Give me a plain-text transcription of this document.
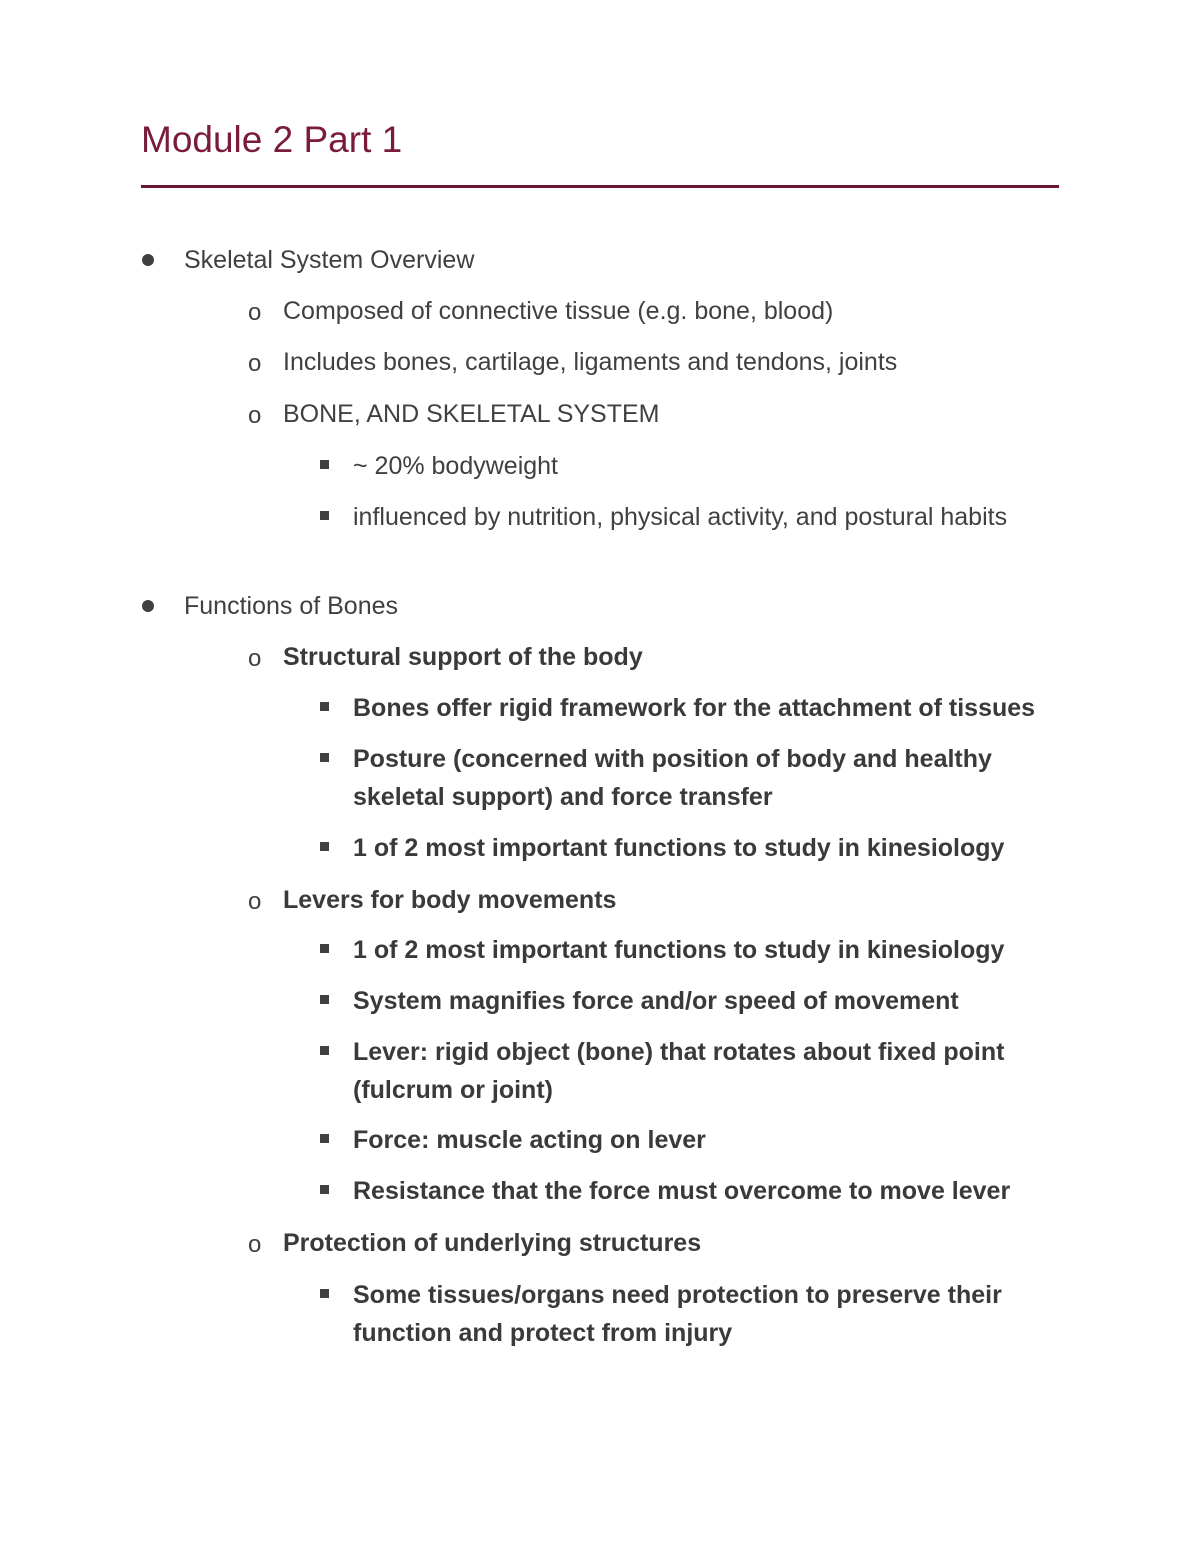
Module 2 Part 1
Skeletal System Overview
o Composed of connective tissue (e.g. bone, blood)
o Includes bones, cartilage, ligaments and tendons, joints
o BONE, AND SKELETAL SYSTEM
~ 20% bodyweight
influenced by nutrition, physical activity, and postural habits
Functions of Bones
o Structural support of the body
Bones offer rigid framework for the attachment of tissues
Posture (concerned with position of body and healthy skeletal support) and force transfer
1 of 2 most important functions to study in kinesiology
o Levers for body movements
1 of 2 most important functions to study in kinesiology
System magnifies force and/or speed of movement
Lever: rigid object (bone) that rotates about fixed point (fulcrum or joint)
Force: muscle acting on lever
Resistance that the force must overcome to move lever
o Protection of underlying structures
Some tissues/organs need protection to preserve their function and protect from injury
